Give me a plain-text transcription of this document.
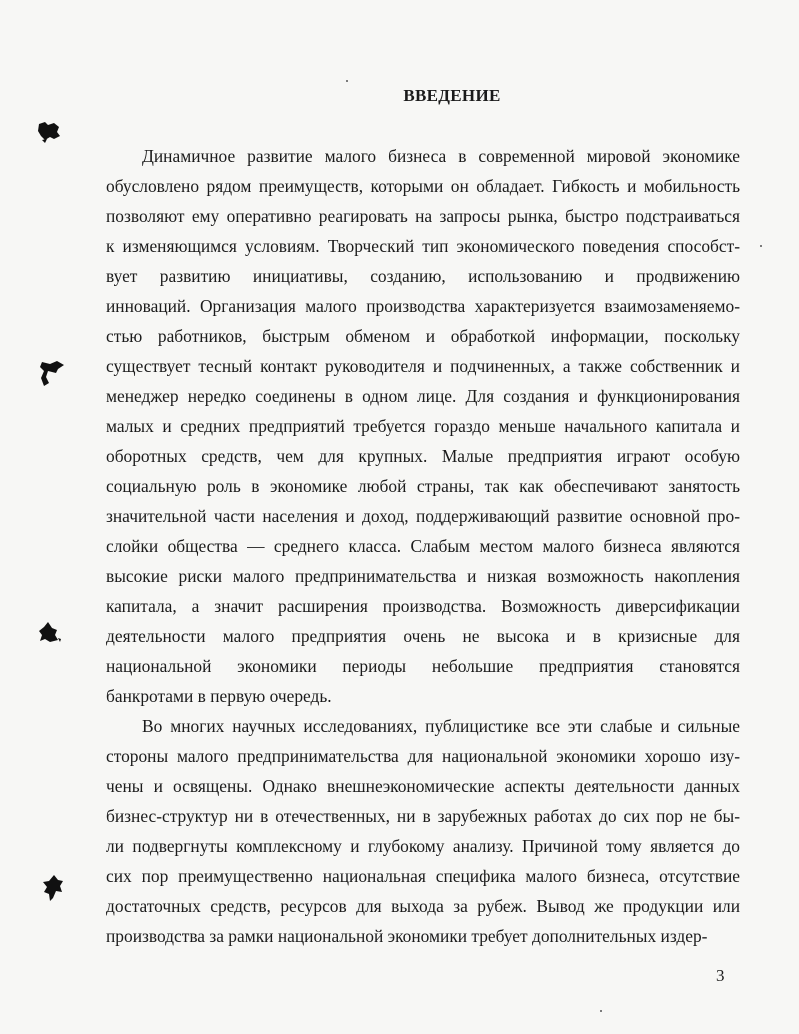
ВВЕДЕНИЕ

Динамичное развитие малого бизнеса в современной мировой экономике
обусловлено рядом преимуществ, которыми он обладает. Гибкость и мобильность
позволяют ему оперативно реагировать на запросы рынка, быстро подстраиваться
к изменяющимся условиям. Творческий тип экономического поведения способст-
вует развитию инициативы, созданию, использованию и продвижению
инноваций. Организация малого производства характеризуется взаимозаменяемо-
стью работников, быстрым обменом и обработкой информации, поскольку
существует тесный контакт руководителя и подчиненных, а также собственник и
менеджер нередко соединены в одном лице. Для создания и функционирования
малых и средних предприятий требуется гораздо меньше начального капитала и
оборотных средств, чем для крупных. Малые предприятия играют особую
социальную роль в экономике любой страны, так как обеспечивают занятость
значительной части населения и доход, поддерживающий развитие основной про-
слойки общества — среднего класса. Слабым местом малого бизнеса являются
высокие риски малого предпринимательства и низкая возможность накопления
капитала, а значит расширения производства. Возможность диверсификации
деятельности малого предприятия очень не высока и в кризисные для
национальной экономики периоды небольшие предприятия становятся
банкротами в первую очередь.

Во многих научных исследованиях, публицистике все эти слабые и сильные
стороны малого предпринимательства для национальной экономики хорошо изу-
чены и освящены. Однако внешнеэкономические аспекты деятельности данных
бизнес-структур ни в отечественных, ни в зарубежных работах до сих пор не бы-
ли подвергнуты комплексному и глубокому анализу. Причиной тому является до
сих пор преимущественно национальная специфика малого бизнеса, отсутствие
достаточных средств, ресурсов для выхода за рубеж. Вывод же продукции или
производства за рамки национальной экономики требует дополнительных издер-

3
